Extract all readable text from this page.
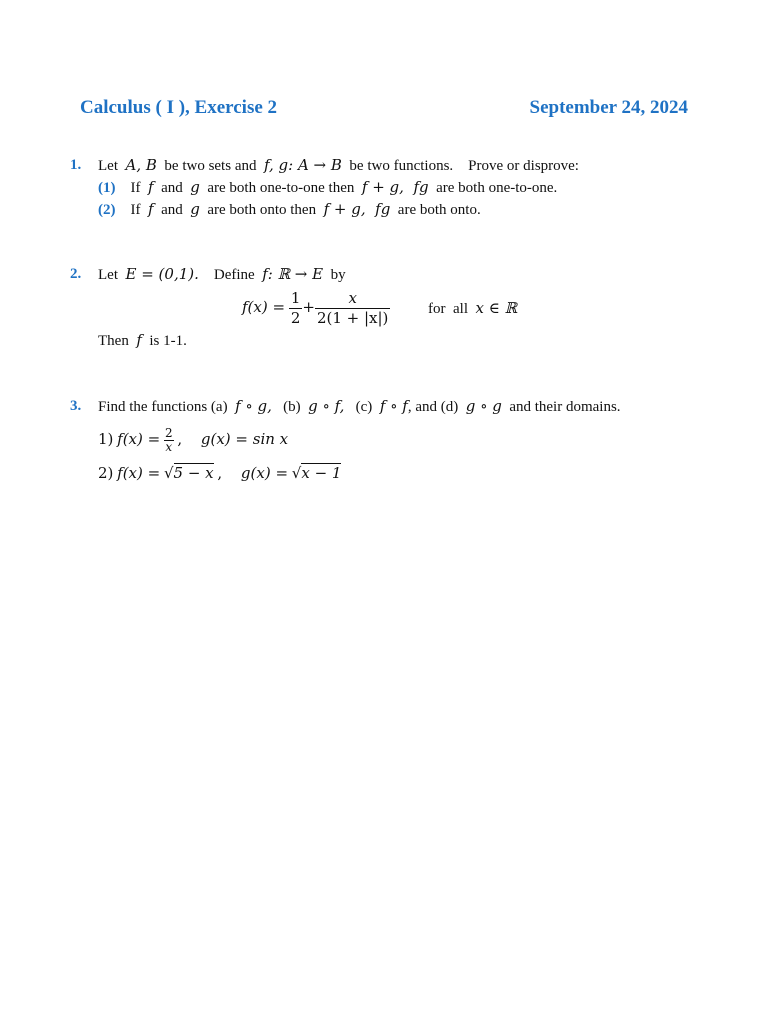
Calculus ( I ), Exercise 2	September 24, 2024
1. Let A, B be two sets and f, g: A → B be two functions.    Prove or disprove:
(1) If f and g are both one-to-one then f + g,  fg are both one-to-one.
(2) If f and g are both onto then f + g,  fg are both onto.
2. Let E = (0,1). Define f: ℝ → E by
$f(x) = \frac{1}{2} + \frac{x}{2(1 + |x|)}$	for  all x ∈ ℝ
Then f is 1-1.
3. Find the functions (a) f ∘ g, (b) g ∘ f, (c) f ∘ f, and (d) g ∘ g and their domains.
1) $f(x) = \frac{2}{x}$ , g(x) = sin x
2) f(x) = √5 − x , g(x) = √x − 1
